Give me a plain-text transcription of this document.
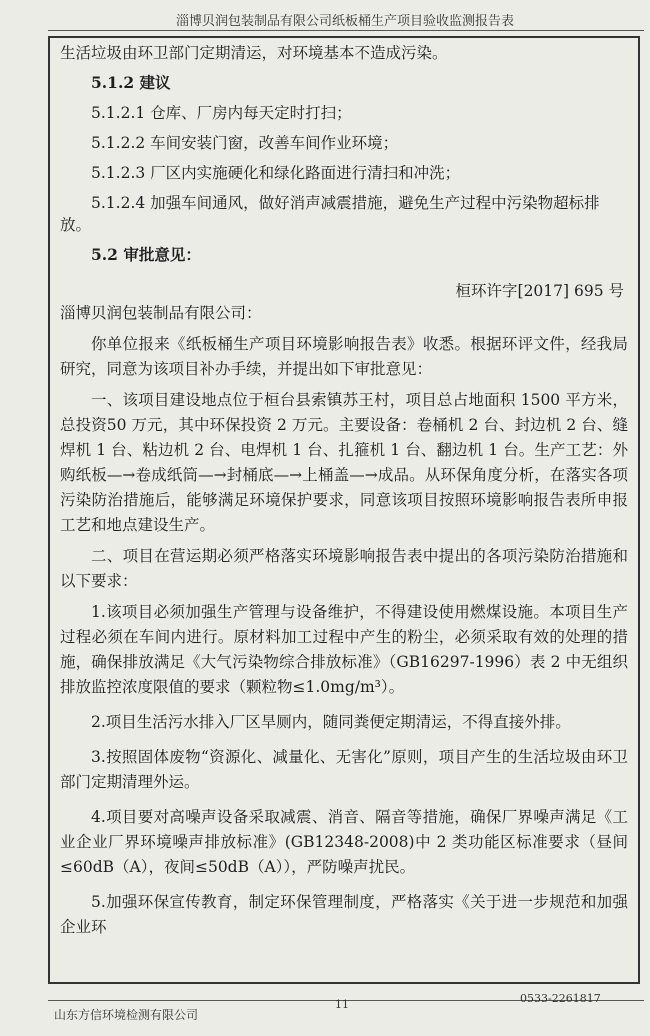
淄博贝润包装制品有限公司纸板桶生产项目验收监测报告表

生活垃圾由环卫部门定期清运，对环境基本不造成污染。

5.1.2 建议

5.1.2.1 仓库、厂房内每天定时打扫；

5.1.2.2 车间安装门窗，改善车间作业环境；

5.1.2.3 厂区内实施硬化和绿化路面进行清扫和冲洗；

5.1.2.4 加强车间通风，做好消声减震措施，避免生产过程中污染物超标排放。

5.2 审批意见：

桓环许字[2017] 695 号

淄博贝润包装制品有限公司：

你单位报来《纸板桶生产项目环境影响报告表》收悉。根据环评文件，经我局研究，同意为该项目补办手续，并提出如下审批意见：

一、该项目建设地点位于桓台县索镇苏王村，项目总占地面积 1500 平方米，总投资50 万元，其中环保投资 2 万元。主要设备：卷桶机 2 台、封边机 2 台、缝焊机 1 台、粘边机 2 台、电焊机 1 台、扎箍机 1 台、翻边机 1 台。生产工艺：外购纸板—→卷成纸筒—→封桶底—→上桶盖—→成品。从环保角度分析，在落实各项污染防治措施后，能够满足环境保护要求，同意该项目按照环境影响报告表所申报工艺和地点建设生产。

二、项目在营运期必须严格落实环境影响报告表中提出的各项污染防治措施和以下要求：

1.该项目必须加强生产管理与设备维护，不得建设使用燃煤设施。本项目生产过程必须在车间内进行。原材料加工过程中产生的粉尘，必须采取有效的处理的措施，确保排放满足《大气污染物综合排放标准》（GB16297-1996）表 2 中无组织排放监控浓度限值的要求（颗粒物≤1.0mg/m³）。

2.项目生活污水排入厂区旱厕内，随同粪便定期清运，不得直接外排。

3.按照固体废物“资源化、减量化、无害化”原则，项目产生的生活垃圾由环卫部门定期清理外运。

4.项目要对高噪声设备采取减震、消音、隔音等措施，确保厂界噪声满足《工业企业厂界环境噪声排放标准》(GB12348-2008)中 2 类功能区标准要求（昼间≤60dB（A），夜间≤50dB（A）），严防噪声扰民。

5.加强环保宣传教育，制定环保管理制度，严格落实《关于进一步规范和加强企业环

山东方信环境检测有限公司
11	0533-2261817
